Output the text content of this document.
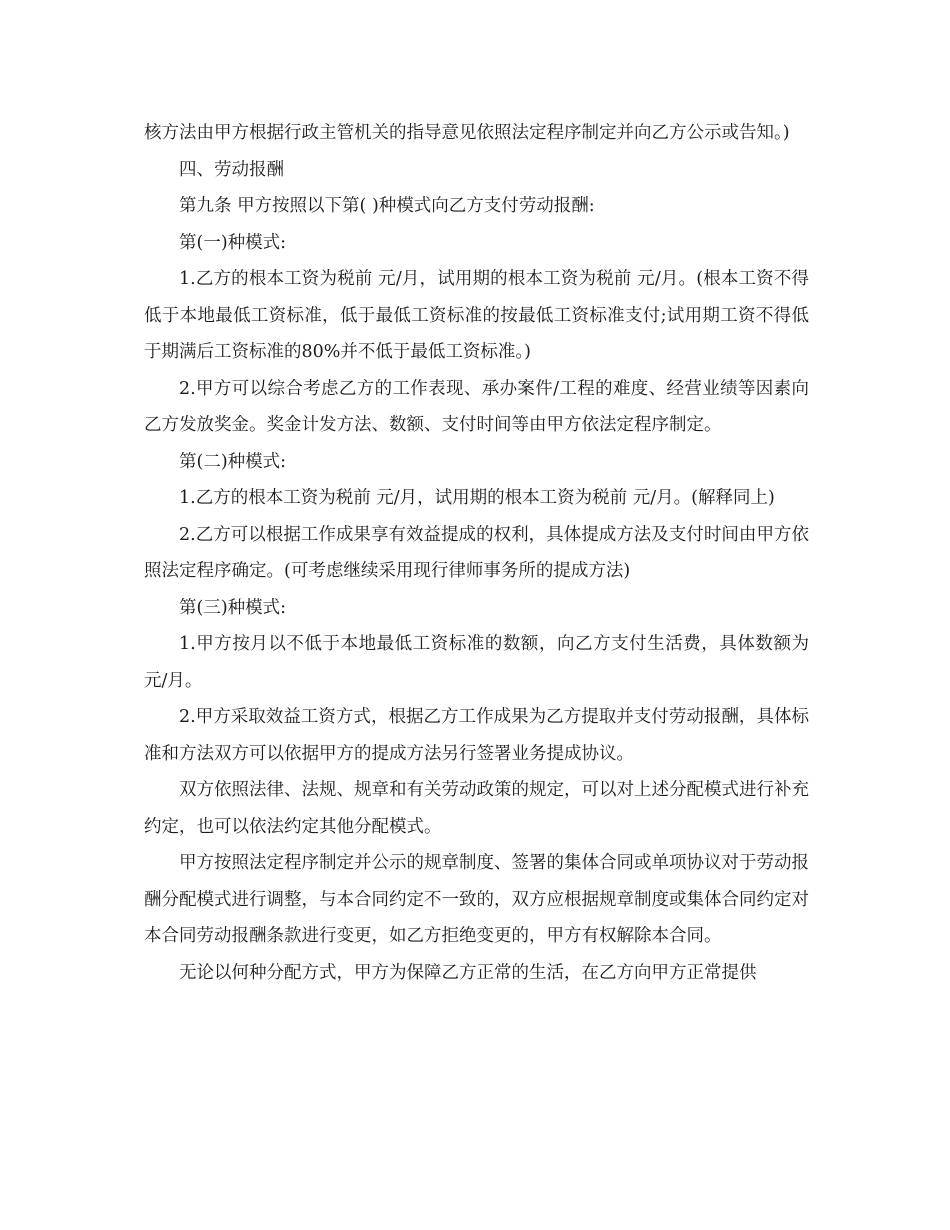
核方法由甲方根据行政主管机关的指导意见依照法定程序制定并向乙方公示或告知。)

四、劳动报酬

第九条 甲方按照以下第( )种模式向乙方支付劳动报酬:

第(一)种模式:

1.乙方的根本工资为税前 元/月，试用期的根本工资为税前 元/月。(根本工资不得低于本地最低工资标准，低于最低工资标准的按最低工资标准支付;试用期工资不得低于期满后工资标准的80%并不低于最低工资标准。)

2.甲方可以综合考虑乙方的工作表现、承办案件/工程的难度、经营业绩等因素向乙方发放奖金。奖金计发方法、数额、支付时间等由甲方依法定程序制定。

第(二)种模式:

1.乙方的根本工资为税前 元/月，试用期的根本工资为税前 元/月。(解释同上)

2.乙方可以根据工作成果享有效益提成的权利，具体提成方法及支付时间由甲方依照法定程序确定。(可考虑继续采用现行律师事务所的提成方法)

第(三)种模式:

1.甲方按月以不低于本地最低工资标准的数额，向乙方支付生活费，具体数额为 元/月。

2.甲方采取效益工资方式，根据乙方工作成果为乙方提取并支付劳动报酬，具体标准和方法双方可以依据甲方的提成方法另行签署业务提成协议。

双方依照法律、法规、规章和有关劳动政策的规定，可以对上述分配模式进行补充约定，也可以依法约定其他分配模式。

甲方按照法定程序制定并公示的规章制度、签署的集体合同或单项协议对于劳动报酬分配模式进行调整，与本合同约定不一致的，双方应根据规章制度或集体合同约定对本合同劳动报酬条款进行变更，如乙方拒绝变更的，甲方有权解除本合同。

无论以何种分配方式，甲方为保障乙方正常的生活，在乙方向甲方正常提供
